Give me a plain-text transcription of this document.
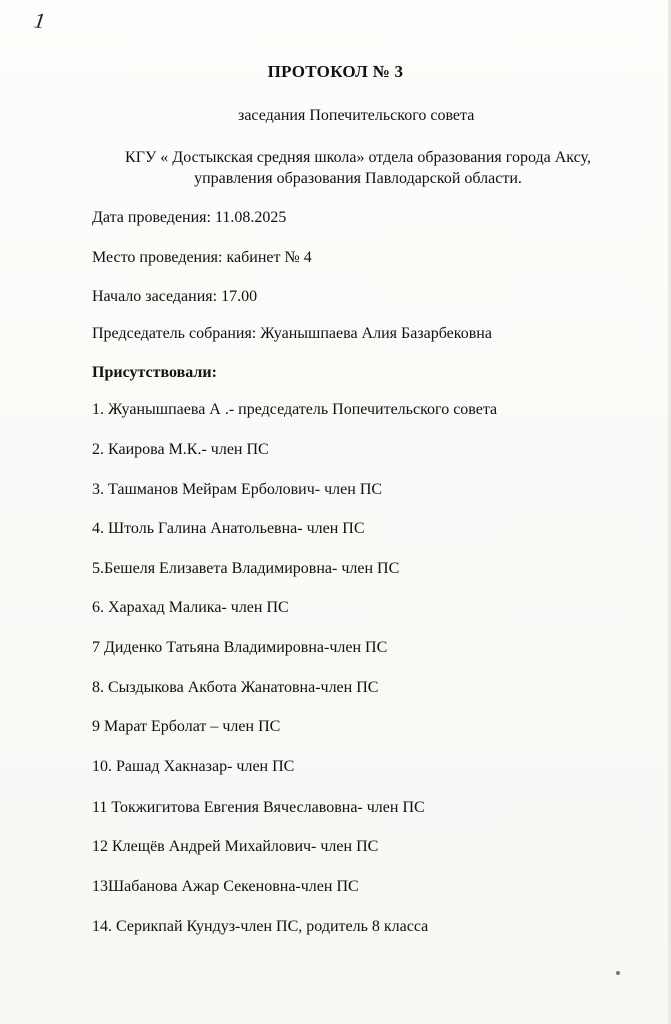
1
ПРОТОКОЛ № 3
заседания Попечительского совета
КГУ « Достыкская средняя школа» отдела образования города Аксу,
управления образования Павлодарской области.
Дата проведения: 11.08.2025
Место проведения: кабинет № 4
Начало заседания: 17.00
Председатель собрания: Жуанышпаева Алия Базарбековна
Присутствовали:
1. Жуанышпаева А .- председатель Попечительского совета
2. Каирова М.К.- член ПС
3. Ташманов Мейрам Ерболович- член ПС
4. Штоль Галина Анатольевна- член ПС
5.Бешеля Елизавета Владимировна- член ПС
6. Харахад Малика- член ПС
7 Диденко Татьяна Владимировна-член ПС
8. Сыздыкова Акбота Жанатовна-член ПС
9 Марат Ерболат – член ПС
10. Рашад Хакназар- член ПС
11 Токжигитова Евгения Вячеславовна- член ПС
12 Клещёв Андрей Михайлович- член ПС
13Шабанова Ажар Секеновна-член ПС
14. Серикпай Кундуз-член ПС, родитель 8 класса
